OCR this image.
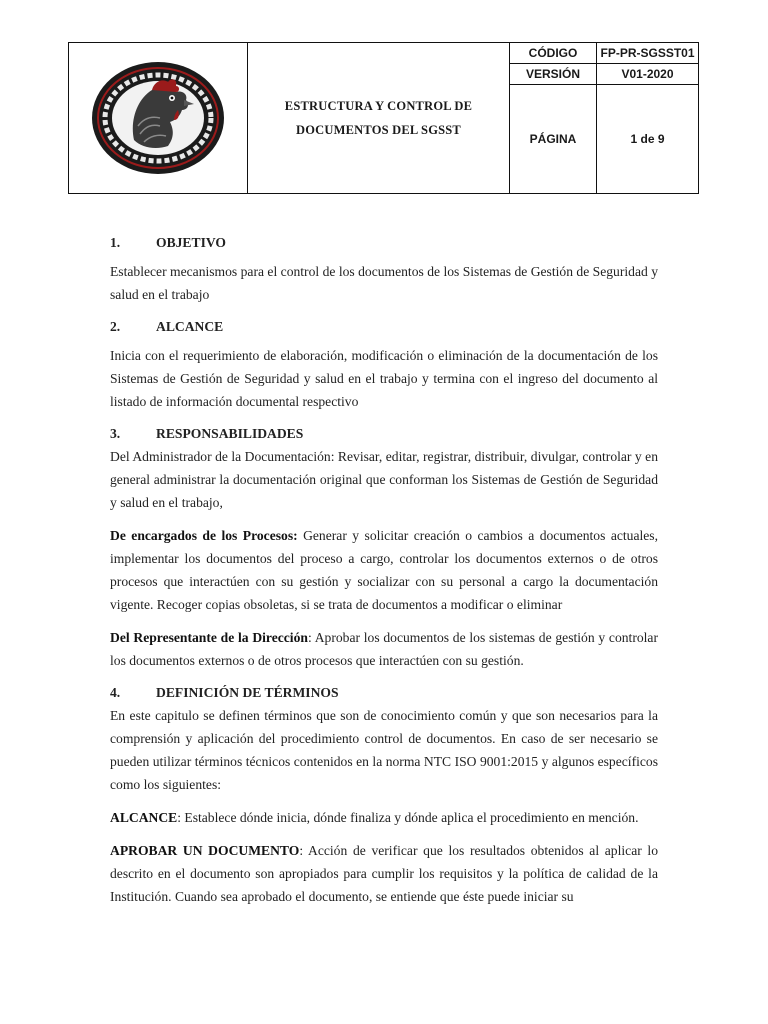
ESTRUCTURA Y CONTROL DE
DOCUMENTOS DEL SGSST	CÓDIGO	FP-PR-SGSST01
		VERSIÓN	V01-2020
		PÁGINA	1 de 9
1.	OBJETIVO

Establecer mecanismos para el control de los documentos de los Sistemas de Gestión de Seguridad y salud en el trabajo

2.	ALCANCE

Inicia con el requerimiento de elaboración, modificación o eliminación de la documentación de los Sistemas de Gestión de Seguridad y salud en el trabajo y termina con el ingreso del documento al listado de información documental respectivo

3.	RESPONSABILIDADES

Del Administrador de la Documentación: Revisar, editar, registrar, distribuir, divulgar, controlar y en general administrar la documentación original que conforman los Sistemas de Gestión de Seguridad y salud en el trabajo,

De encargados de los Procesos: Generar y solicitar creación o cambios a documentos actuales, implementar los documentos del proceso a cargo, controlar los documentos externos o de otros procesos que interactúen con su gestión y socializar con su personal a cargo la documentación vigente. Recoger copias obsoletas, si se trata de documentos a modificar o eliminar

Del Representante de la Dirección: Aprobar los documentos de los sistemas de gestión y controlar los documentos externos o de otros procesos que interactúen con su gestión.

4.	DEFINICIÓN DE TÉRMINOS

En este capitulo se definen términos que son de conocimiento común y que son necesarios para la comprensión y aplicación del procedimiento control de documentos. En caso de ser necesario se pueden utilizar términos técnicos contenidos en la norma NTC ISO 9001:2015 y algunos específicos como los siguientes:

ALCANCE: Establece dónde inicia, dónde finaliza y dónde aplica el procedimiento en mención.

APROBAR UN DOCUMENTO: Acción de verificar que los resultados obtenidos al aplicar lo descrito en el documento son apropiados para cumplir los requisitos y la política de calidad de la Institución. Cuando sea aprobado el documento, se entiende que éste puede iniciar su
